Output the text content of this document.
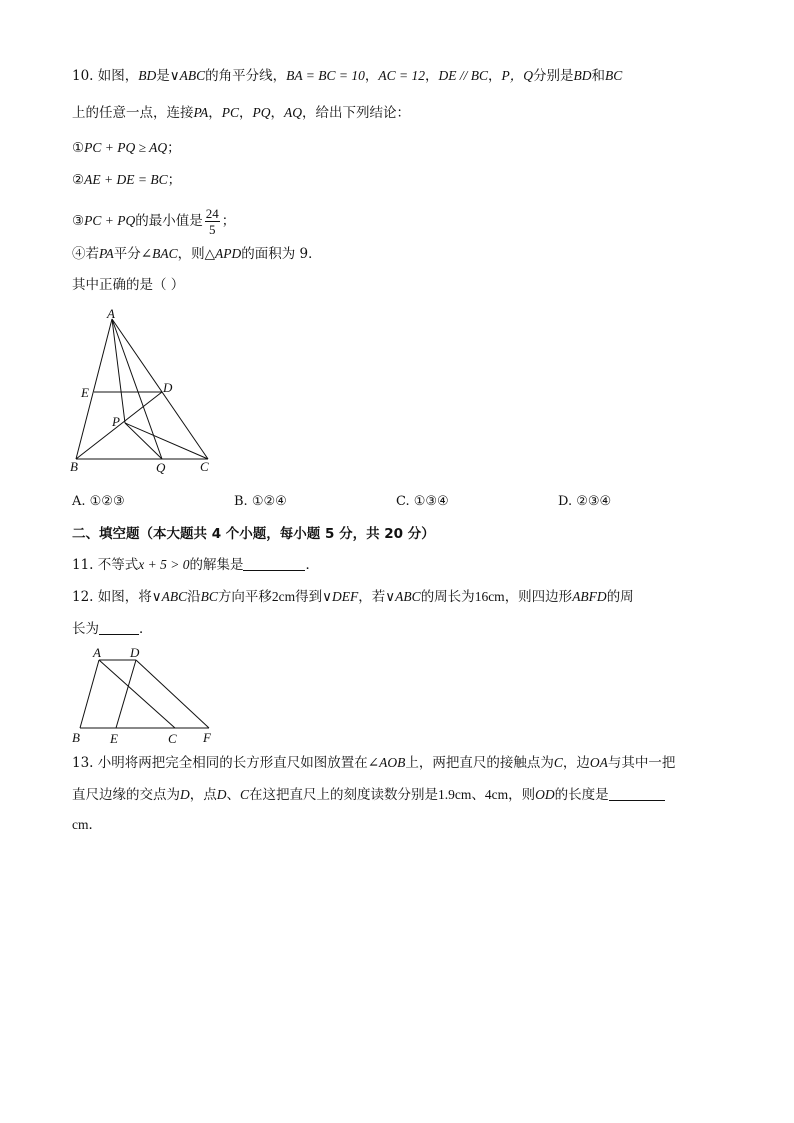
10. 如图，BD是∨ABC的角平分线，BA = BC = 10，AC = 12，DE // BC，P，Q分别是BD和BC
上的任意一点，连接PA，PC，PQ，AQ，给出下列结论：
①PC + PQ ≥ AQ；
②AE + DE = BC；
③PC + PQ的最小值是 $\frac{24}{5}$ ；
④若PA平分∠BAC，则△APD的面积为 9．
其中正确的是（ ）
A
B	C
D
E
P
Q
A. ①②③	B. ①②④	C. ①③④	D. ②③④
二、填空题（本大题共 4 个小题，每小题 5 分，共 20 分）
11. 不等式x + 5 > 0的解集是	．
12. 如图，将∨ABC沿BC方向平移2cm得到∨DEF，若∨ABC的周长为16cm，则四边形ABFD的周
长为	．
A D
B E	C F
13. 小明将两把完全相同的长方形直尺如图放置在∠AOB上，两把直尺的接触点为C，边OA与其中一把
直尺边缘的交点为D，点D、C在这把直尺上的刻度读数分别是1.9cm、4cm，则OD的长度是
cm．
